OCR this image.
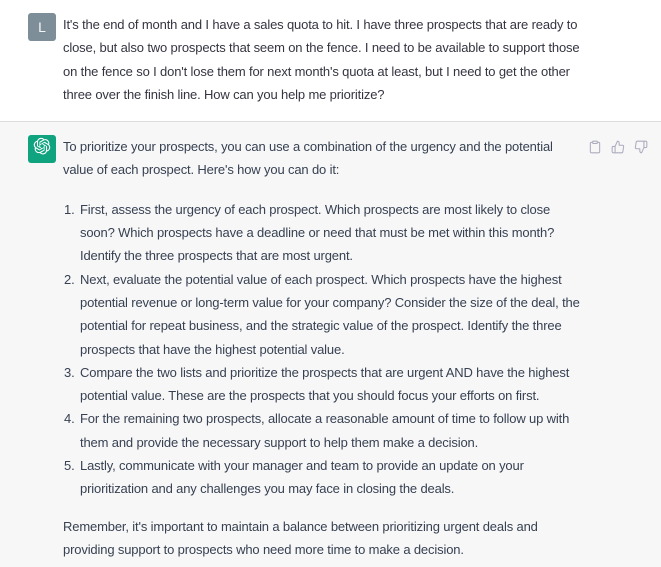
L	It's the end of month and I have a sales quota to hit. I have three prospects that are ready to close, but also two prospects that seem on the fence. I need to be available to support those on the fence so I don't lose them for next month's quota at least, but I need to get the other three over the finish line. How can you help me prioritize?

To prioritize your prospects, you can use a combination of the urgency and the potential value of each prospect. Here's how you can do it:

1. First, assess the urgency of each prospect. Which prospects are most likely to close soon? Which prospects have a deadline or need that must be met within this month? Identify the three prospects that are most urgent.
2. Next, evaluate the potential value of each prospect. Which prospects have the highest potential revenue or long-term value for your company? Consider the size of the deal, the potential for repeat business, and the strategic value of the prospect. Identify the three prospects that have the highest potential value.
3. Compare the two lists and prioritize the prospects that are urgent AND have the highest potential value. These are the prospects that you should focus your efforts on first.
4. For the remaining two prospects, allocate a reasonable amount of time to follow up with them and provide the necessary support to help them make a decision.
5. Lastly, communicate with your manager and team to provide an update on your prioritization and any challenges you may face in closing the deals.

Remember, it's important to maintain a balance between prioritizing urgent deals and providing support to prospects who need more time to make a decision.
